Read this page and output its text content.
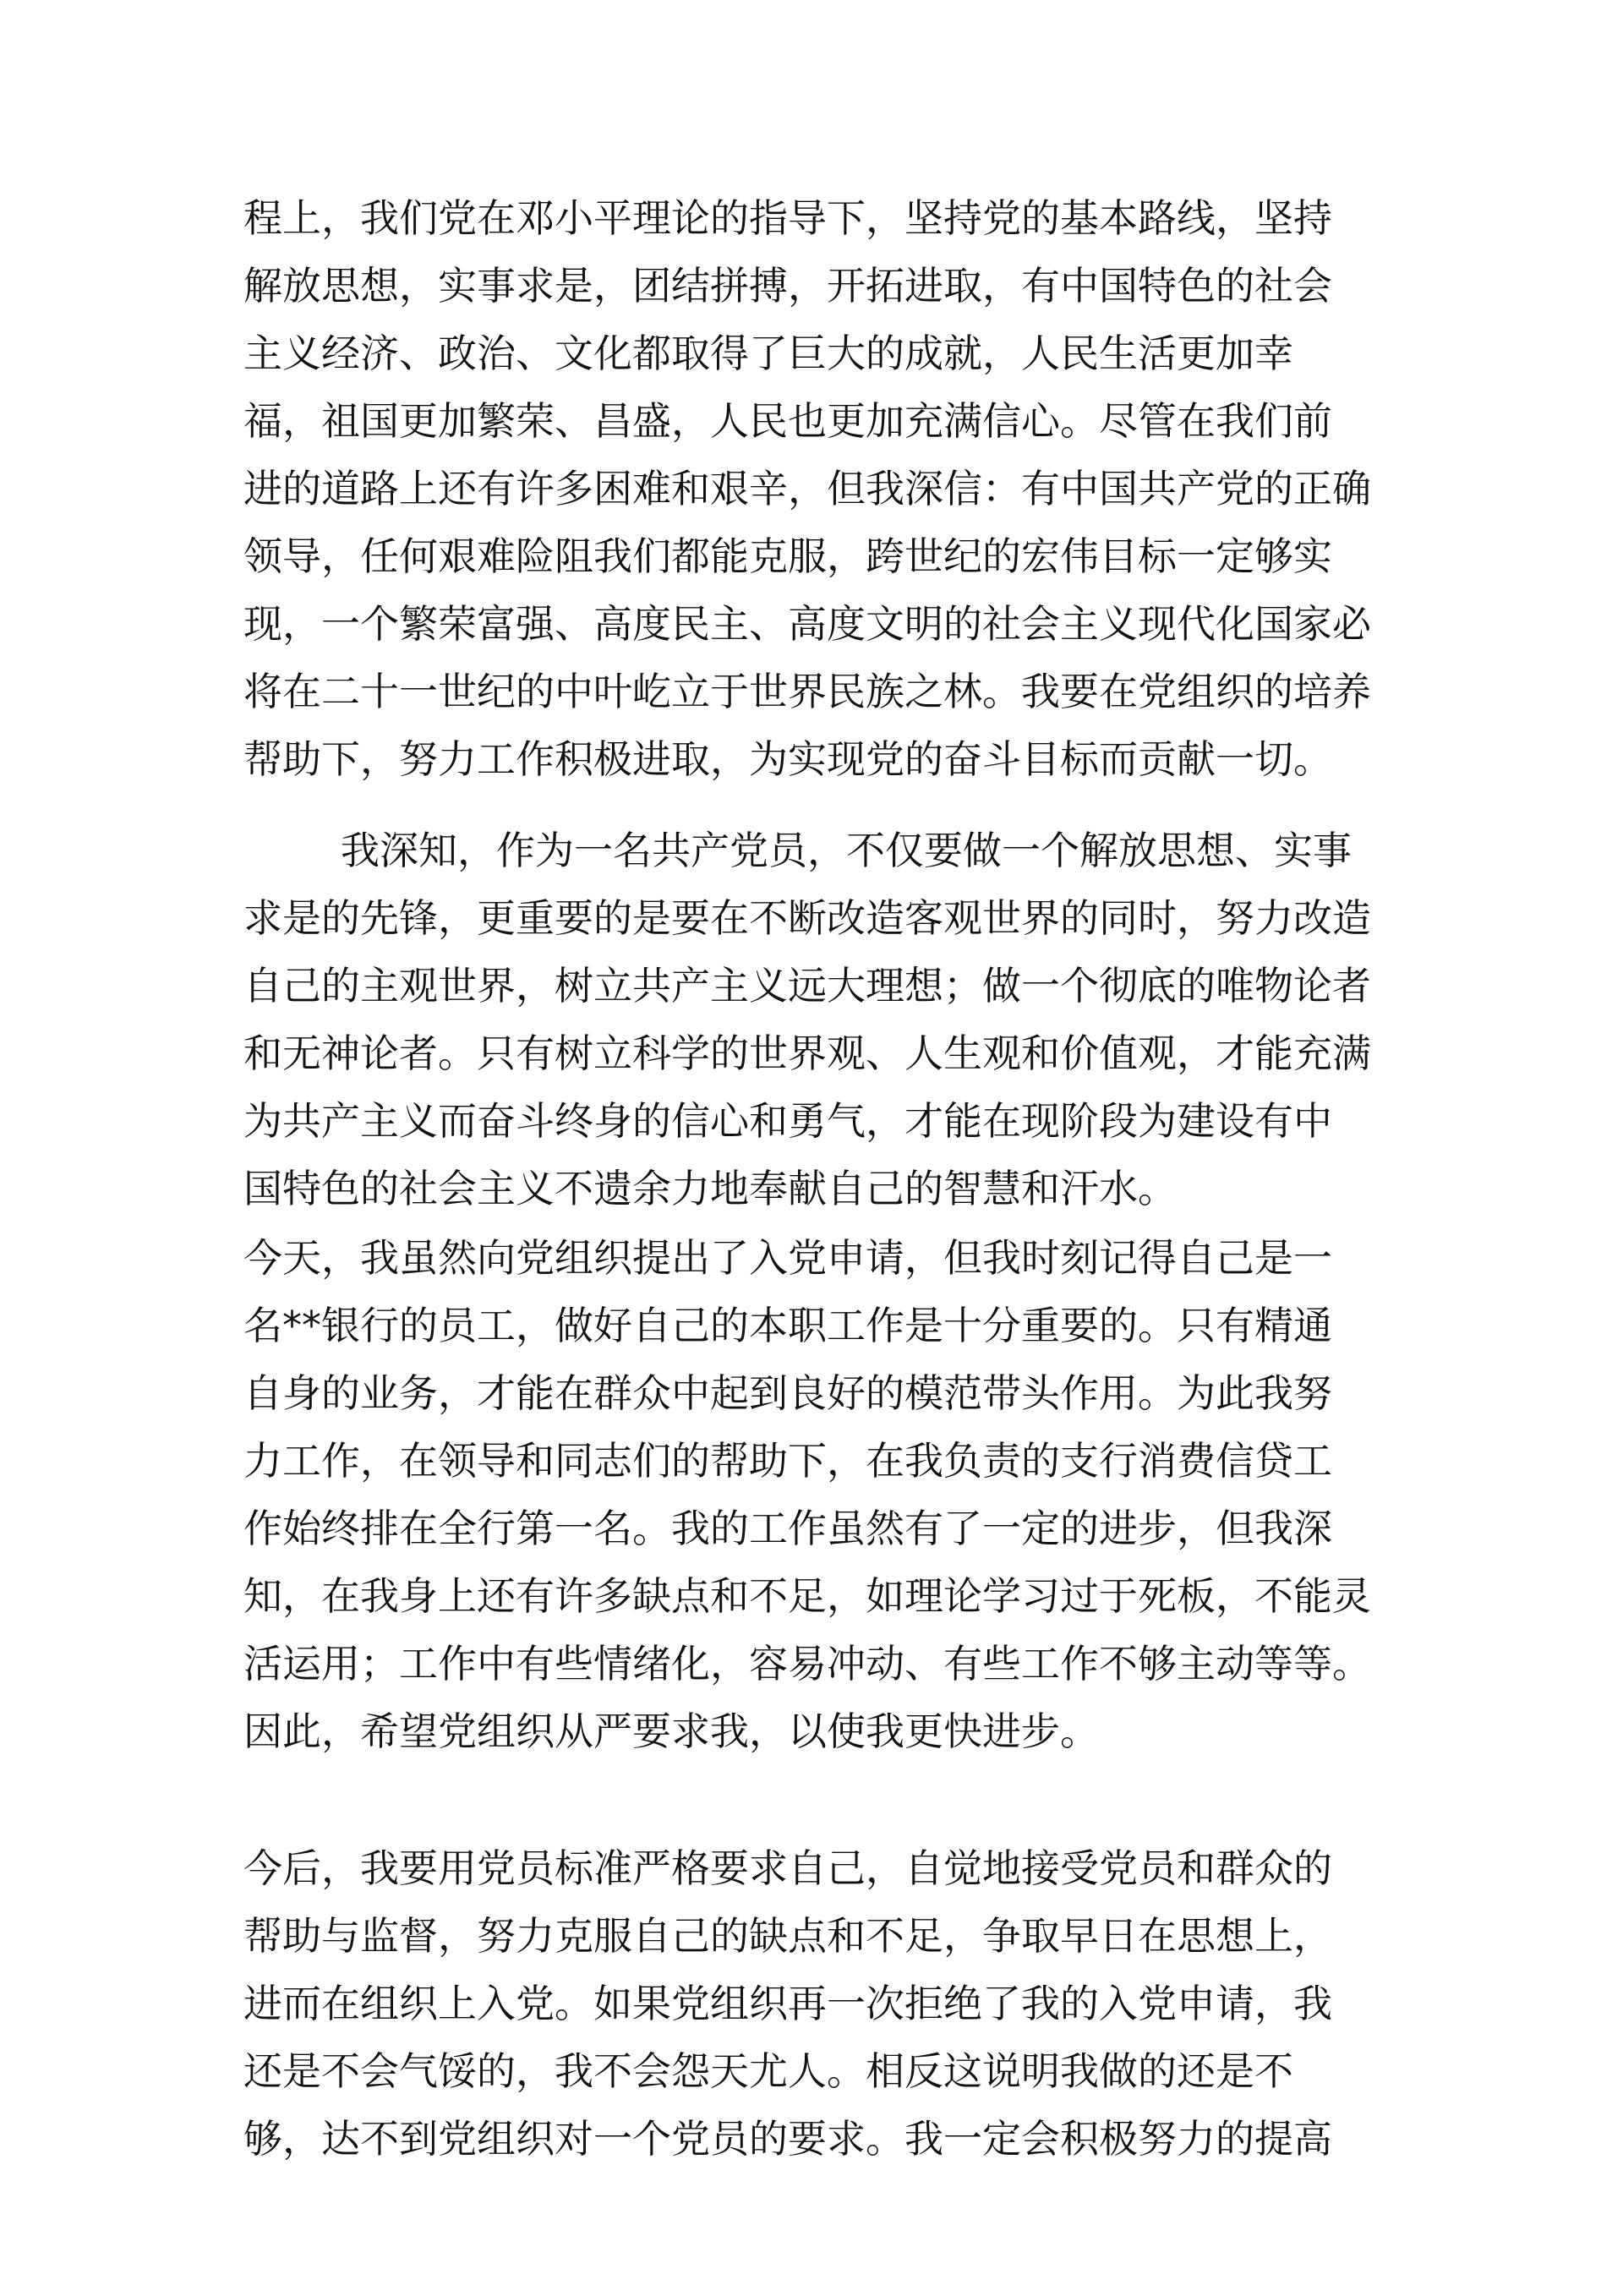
程上，我们党在邓小平理论的指导下，坚持党的基本路线，坚持
解放思想，实事求是，团结拼搏，开拓进取，有中国特色的社会
主义经济、政治、文化都取得了巨大的成就，人民生活更加幸
福，祖国更加繁荣、昌盛，人民也更加充满信心。尽管在我们前
进的道路上还有许多困难和艰辛，但我深信：有中国共产党的正确
领导，任何艰难险阻我们都能克服，跨世纪的宏伟目标一定够实
现，一个繁荣富强、高度民主、高度文明的社会主义现代化国家必
将在二十一世纪的中叶屹立于世界民族之林。我要在党组织的培养
帮助下，努力工作积极进取，为实现党的奋斗目标而贡献一切。
我深知，作为一名共产党员，不仅要做一个解放思想、实事
求是的先锋，更重要的是要在不断改造客观世界的同时，努力改造
自己的主观世界，树立共产主义远大理想；做一个彻底的唯物论者
和无神论者。只有树立科学的世界观、人生观和价值观，才能充满
为共产主义而奋斗终身的信心和勇气，才能在现阶段为建设有中
国特色的社会主义不遗余力地奉献自己的智慧和汗水。
今天，我虽然向党组织提出了入党申请，但我时刻记得自己是一
名**银行的员工，做好自己的本职工作是十分重要的。只有精通
自身的业务，才能在群众中起到良好的模范带头作用。为此我努
力工作，在领导和同志们的帮助下，在我负责的支行消费信贷工
作始终排在全行第一名。我的工作虽然有了一定的进步，但我深
知，在我身上还有许多缺点和不足，如理论学习过于死板，不能灵
活运用；工作中有些情绪化，容易冲动、有些工作不够主动等等。
因此，希望党组织从严要求我，以使我更快进步。
今后，我要用党员标准严格要求自己，自觉地接受党员和群众的
帮助与监督，努力克服自己的缺点和不足，争取早日在思想上，
进而在组织上入党。如果党组织再一次拒绝了我的入党申请，我
还是不会气馁的，我不会怨天尤人。相反这说明我做的还是不
够，达不到党组织对一个党员的要求。我一定会积极努力的提高
